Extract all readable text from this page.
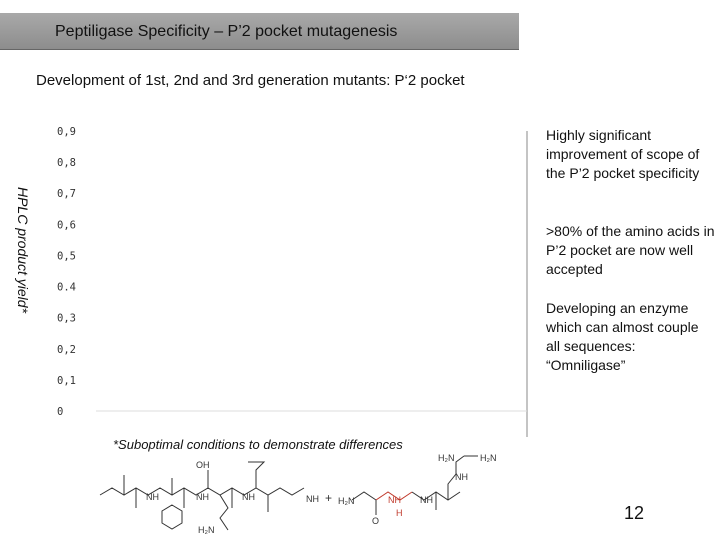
Peptiligase Specificity – P’2 pocket mutagenesis
Development of 1st, 2nd and 3rd generation mutants: P‘2 pocket
0,9
0,8
0,7
0,6
0,5
0.4
0,3
0,2
0,1
0
NH
OH
NH	NH
H₂N
NH H₂N	NH
H
NH
H₂N
NH
H₂N
O
+
HPLC product yield*
Highly significant improvement of scope of the P’2 pocket specificity
>80% of the amino acids in P’2 pocket are now well accepted
Developing an enzyme which can almost couple all sequences: “Omniligase”
*Suboptimal conditions to demonstrate differences
12
